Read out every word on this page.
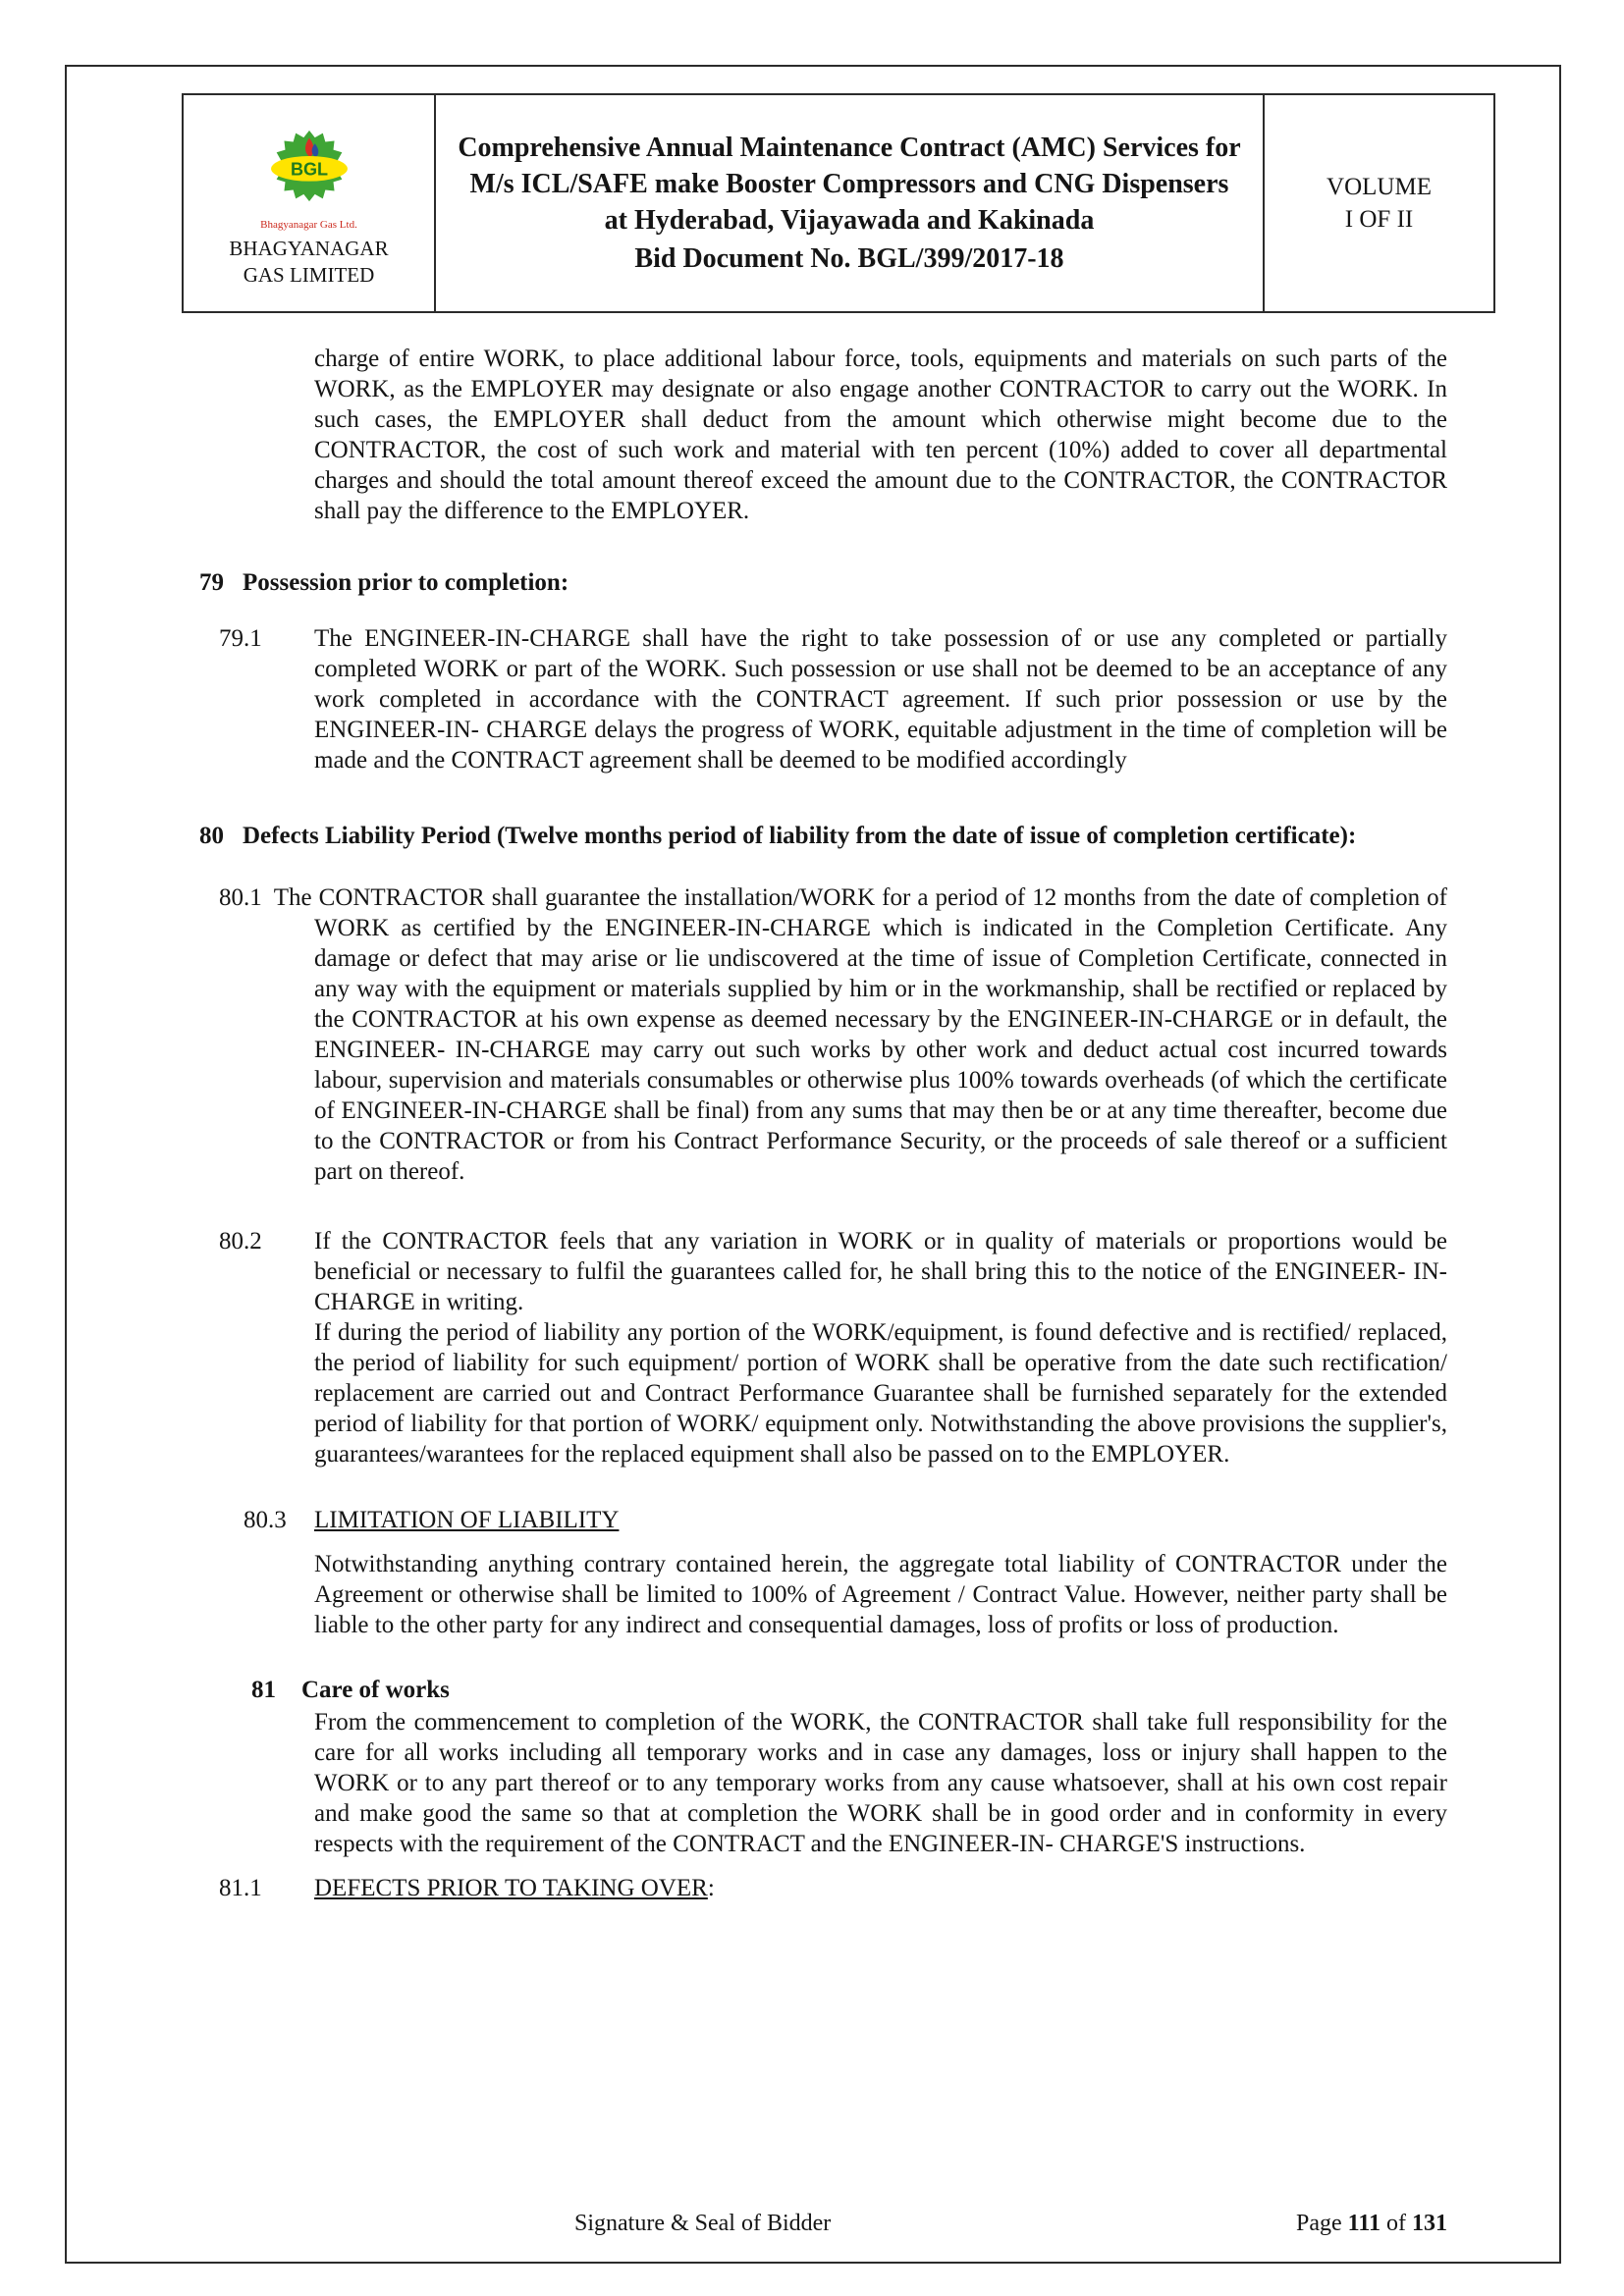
BGL
Bhagyanagar Gas Ltd.
BHAGYANAGAR
GAS LIMITED
Comprehensive Annual Maintenance Contract (AMC) Services for M/s ICL/SAFE make Booster Compressors and CNG Dispensers at Hyderabad, Vijayawada and Kakinada
Bid Document No. BGL/399/2017-18
VOLUME
I OF II
charge of entire WORK, to place additional labour force, tools, equipments and materials on such parts of the WORK, as the EMPLOYER may designate or also engage another CONTRACTOR to carry out the WORK. In such cases, the EMPLOYER shall deduct from the amount which otherwise might become due to the CONTRACTOR, the cost of such work and material with ten percent (10%) added to cover all departmental charges and should the total amount thereof exceed the amount due to the CONTRACTOR, the CONTRACTOR shall pay the difference to the EMPLOYER.
79 Possession prior to completion:
79.1	The ENGINEER-IN-CHARGE shall have the right to take possession of or use any completed or partially completed WORK or part of the WORK. Such possession or use shall not be deemed to be an acceptance of any work completed in accordance with the CONTRACT agreement. If such prior possession or use by the ENGINEER-IN- CHARGE delays the progress of WORK, equitable adjustment in the time of completion will be made and the CONTRACT agreement shall be deemed to be modified accordingly
80 Defects Liability Period (Twelve months period of liability from the date of issue of completion certificate):
80.1 The CONTRACTOR shall guarantee the installation/WORK for a period of 12 months from the date of completion of WORK as certified by the ENGINEER-IN-CHARGE which is indicated in the Completion Certificate. Any damage or defect that may arise or lie undiscovered at the time of issue of Completion Certificate, connected in any way with the equipment or materials supplied by him or in the workmanship, shall be rectified or replaced by the CONTRACTOR at his own expense as deemed necessary by the ENGINEER-IN-CHARGE or in default, the ENGINEER- IN-CHARGE may carry out such works by other work and deduct actual cost incurred towards labour, supervision and materials consumables or otherwise plus 100% towards overheads (of which the certificate of ENGINEER-IN-CHARGE shall be final) from any sums that may then be or at any time thereafter, become due to the CONTRACTOR or from his Contract Performance Security, or the proceeds of sale thereof or a sufficient part on thereof.
80.2	If the CONTRACTOR feels that any variation in WORK or in quality of materials or proportions would be beneficial or necessary to fulfil the guarantees called for, he shall bring this to the notice of the ENGINEER- IN-CHARGE in writing.
If during the period of liability any portion of the WORK/equipment, is found defective and is rectified/ replaced, the period of liability for such equipment/ portion of WORK shall be operative from the date such rectification/ replacement are carried out and Contract Performance Guarantee shall be furnished separately for the extended period of liability for that portion of WORK/ equipment only. Notwithstanding the above provisions the supplier's, guarantees/warantees for the replaced equipment shall also be passed on to the EMPLOYER.
80.3	LIMITATION OF LIABILITY
Notwithstanding anything contrary contained herein, the aggregate total liability of CONTRACTOR under the Agreement or otherwise shall be limited to 100% of Agreement / Contract Value. However, neither party shall be liable to the other party for any indirect and consequential damages, loss of profits or loss of production.
81 Care of works
From the commencement to completion of the WORK, the CONTRACTOR shall take full responsibility for the care for all works including all temporary works and in case any damages, loss or injury shall happen to the WORK or to any part thereof or to any temporary works from any cause whatsoever, shall at his own cost repair and make good the same so that at completion the WORK shall be in good order and in conformity in every respects with the requirement of the CONTRACT and the ENGINEER-IN- CHARGE'S instructions.
81.1	DEFECTS PRIOR TO TAKING OVER:
Signature & Seal of Bidder	Page 111 of 131
